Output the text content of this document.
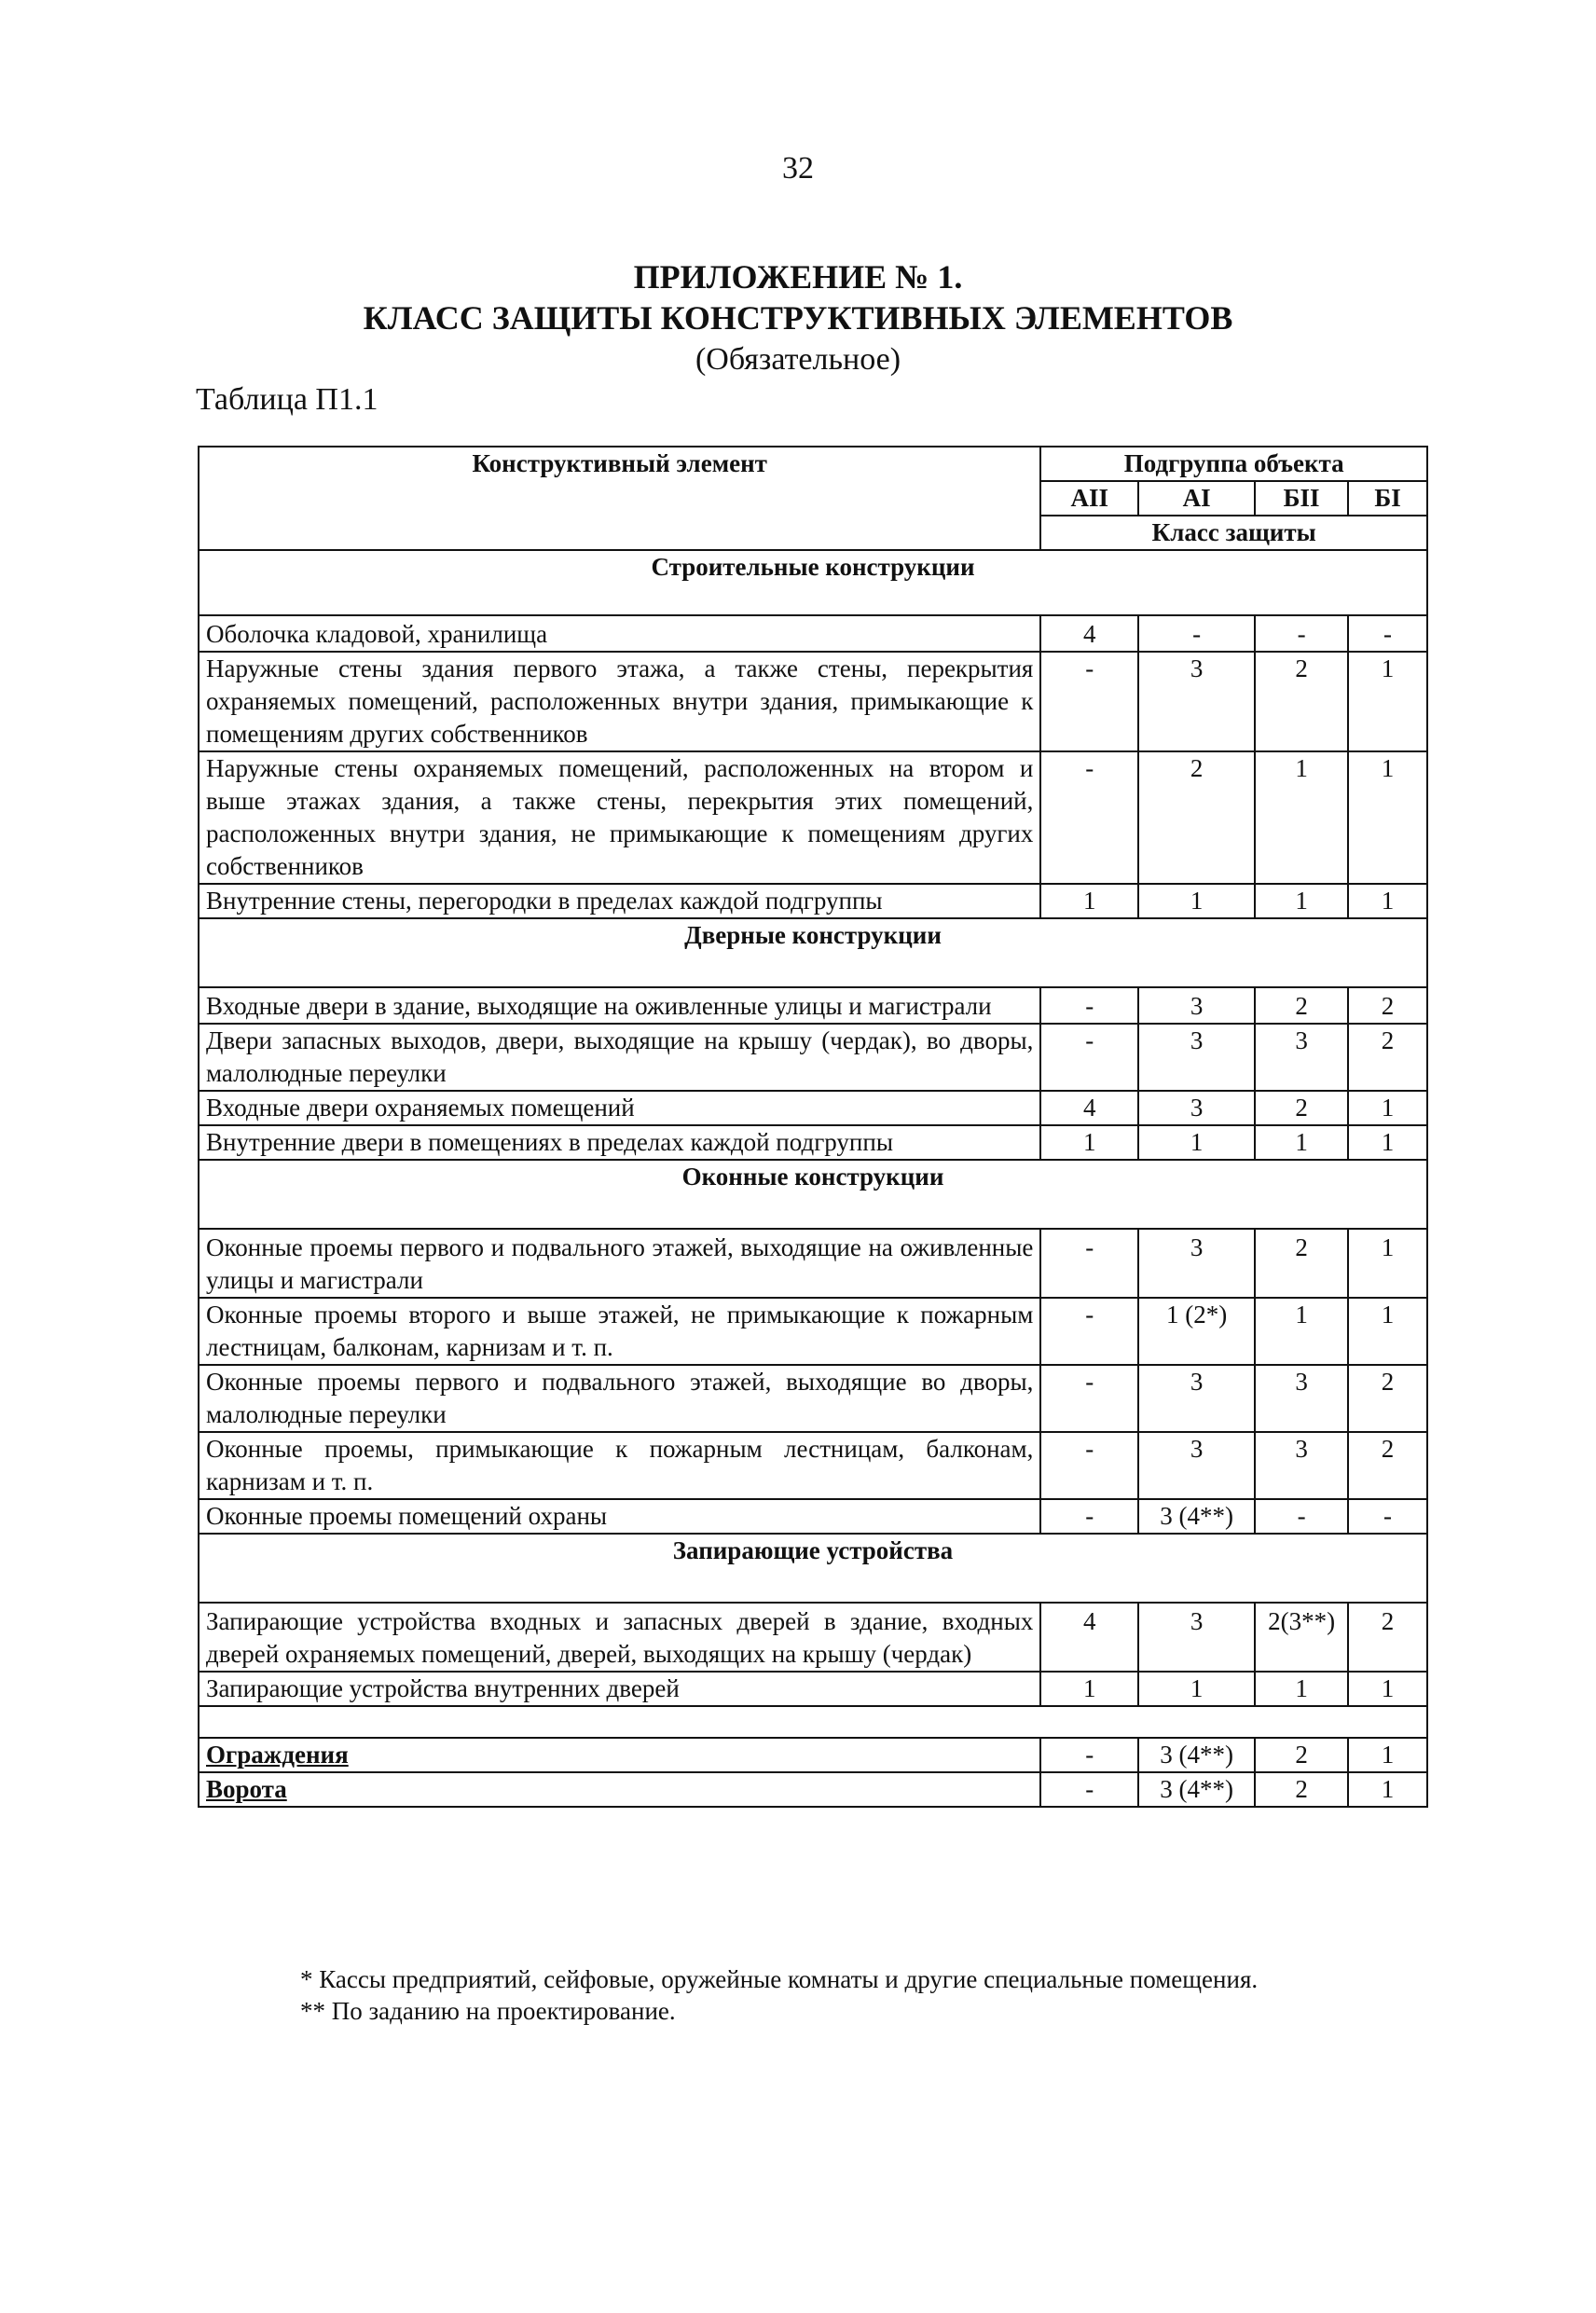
32
ПРИЛОЖЕНИЕ № 1.
КЛАСС ЗАЩИТЫ КОНСТРУКТИВНЫХ ЭЛЕМЕНТОВ
(Обязательное)
Таблица П1.1
Конструктивный элемент	Подгруппа объекта			
	АII	АI	БII	БI
	Класс защиты			
Строительные конструкции				
Оболочка кладовой, хранилища	4	-	-	-
Наружные стены здания первого этажа, а также стены, перекрытия охраняемых помещений, расположенных внутри здания, примыкающие к помещениям других собственников	-	3	2	1
Наружные стены охраняемых помещений, расположенных на втором и выше этажах здания, а также стены, перекрытия этих помещений, расположенных внутри здания, не примыкающие к помещениям других собственников	-	2	1	1
Внутренние стены, перегородки в пределах каждой подгруппы	1	1	1	1
Дверные конструкции				
Входные двери в здание, выходящие на оживленные улицы и магистрали	-	3	2	2
Двери запасных выходов, двери, выходящие на крышу (чердак), во дворы, малолюдные переулки	-	3	3	2
Входные двери охраняемых помещений	4	3	2	1
Внутренние двери в помещениях в пределах каждой подгруппы	1	1	1	1
Оконные конструкции				
Оконные проемы первого и подвального этажей, выходящие на оживленные улицы и магистрали	-	3	2	1
Оконные проемы второго и выше этажей, не примыкающие к пожарным лестницам, балконам, карнизам и т. п.	-	1 (2*)	1	1
Оконные проемы первого и подвального этажей, выходящие во дворы, малолюдные переулки	-	3	3	2
Оконные проемы, примыкающие к пожарным лестницам, балконам, карнизам и т. п.	-	3	3	2
Оконные проемы помещений охраны	-	3 (4**)	-	-
Запирающие устройства				
Запирающие устройства входных и запасных дверей в здание, входных дверей охраняемых помещений, дверей, выходящих на крышу (чердак)	4	3	2(3**)	2
Запирающие устройства внутренних дверей	1	1	1	1

Ограждения	-	3 (4**)	2	1
Ворота	-	3 (4**)	2	1
* Кассы предприятий, сейфовые, оружейные комнаты и другие специальные помещения.
** По заданию на проектирование.
